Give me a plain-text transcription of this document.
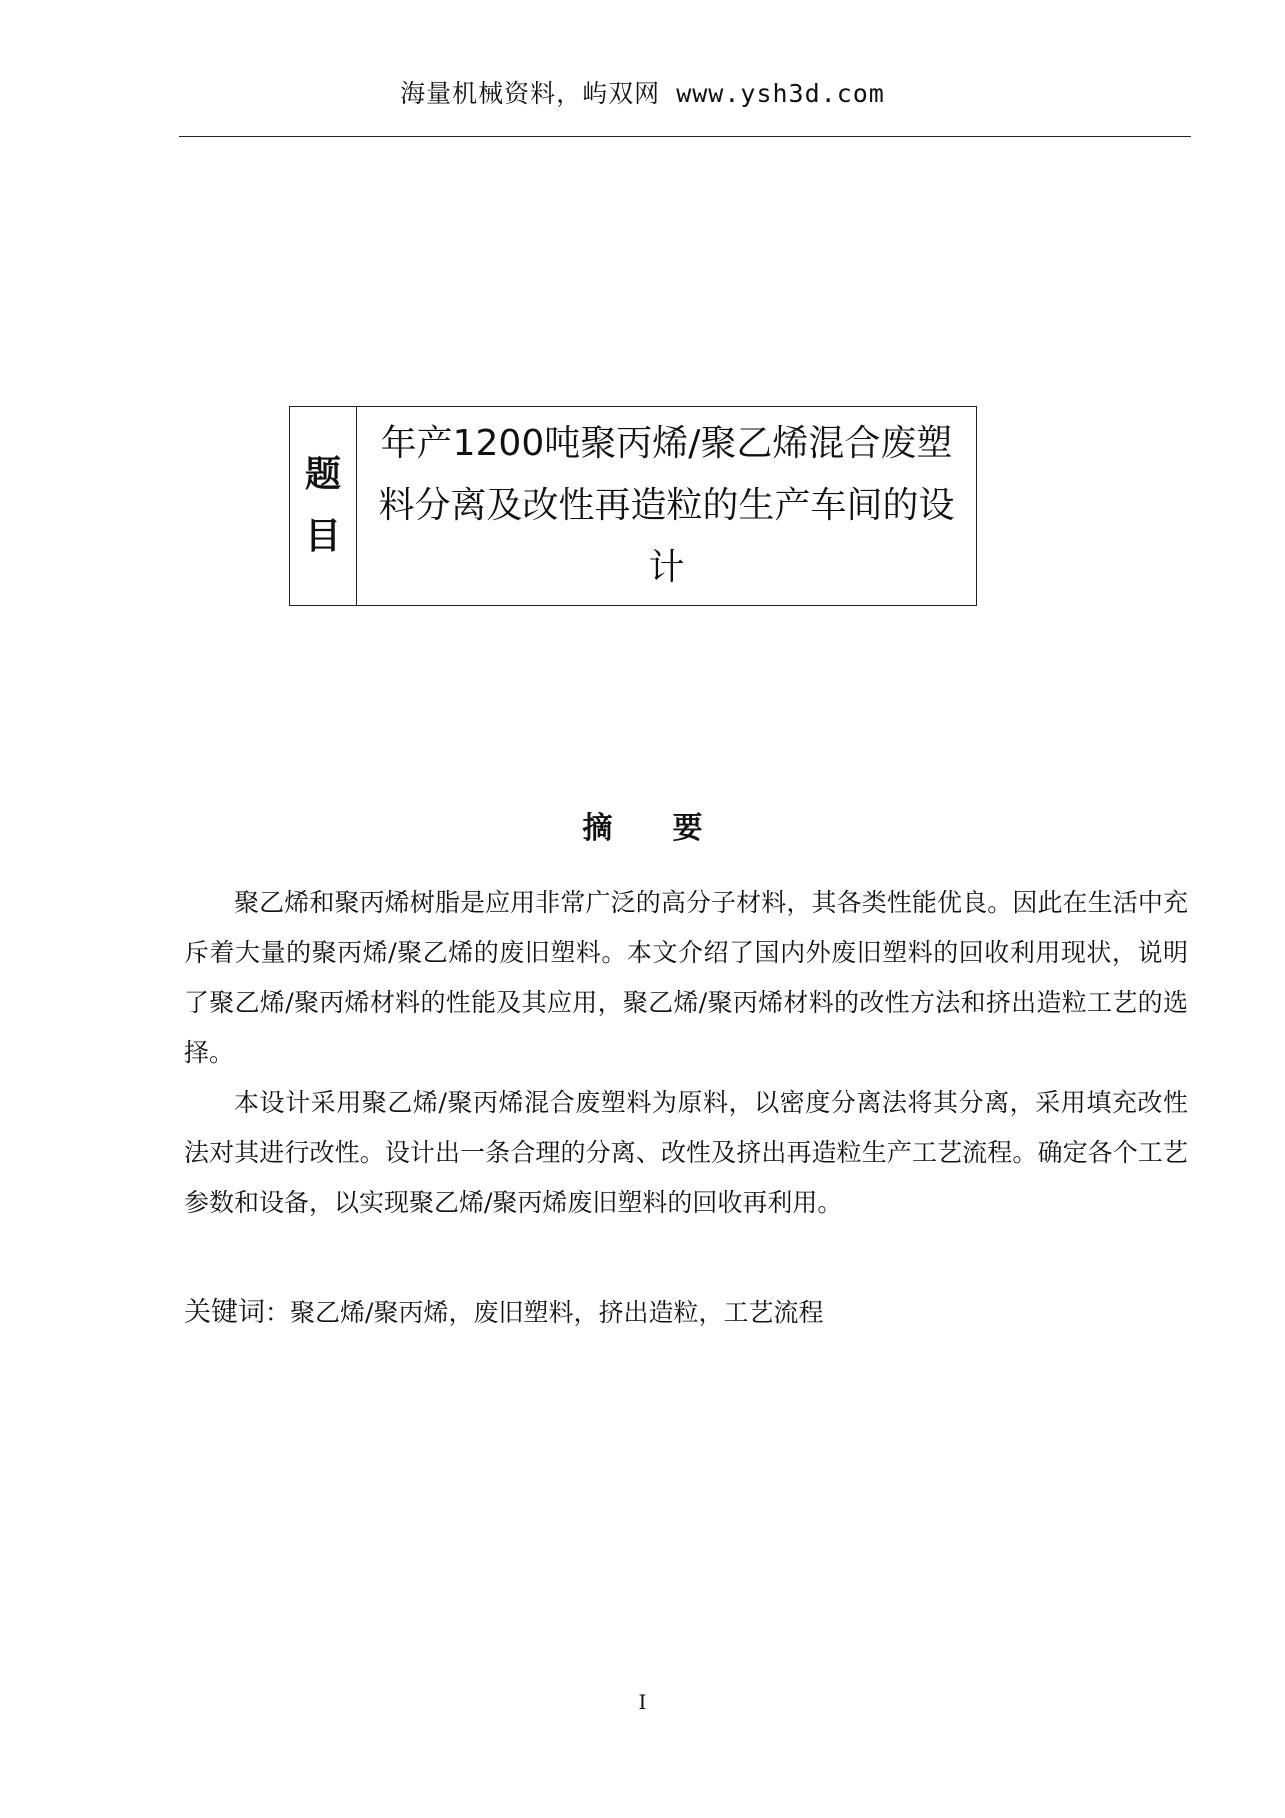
海量机械资料，屿双网 www.ysh3d.com
题
目
年产1200吨聚丙烯/聚乙烯混合废塑料分离及改性再造粒的生产车间的设计
摘　　要

聚乙烯和聚丙烯树脂是应用非常广泛的高分子材料，其各类性能优良。因此在生活中充斥着大量的聚丙烯/聚乙烯的废旧塑料。本文介绍了国内外废旧塑料的回收利用现状，说明了聚乙烯/聚丙烯材料的性能及其应用，聚乙烯/聚丙烯材料的改性方法和挤出造粒工艺的选择。

本设计采用聚乙烯/聚丙烯混合废塑料为原料，以密度分离法将其分离，采用填充改性法对其进行改性。设计出一条合理的分离、改性及挤出再造粒生产工艺流程。确定各个工艺参数和设备，以实现聚乙烯/聚丙烯废旧塑料的回收再利用。

关键词：聚乙烯/聚丙烯，废旧塑料，挤出造粒，工艺流程
I
